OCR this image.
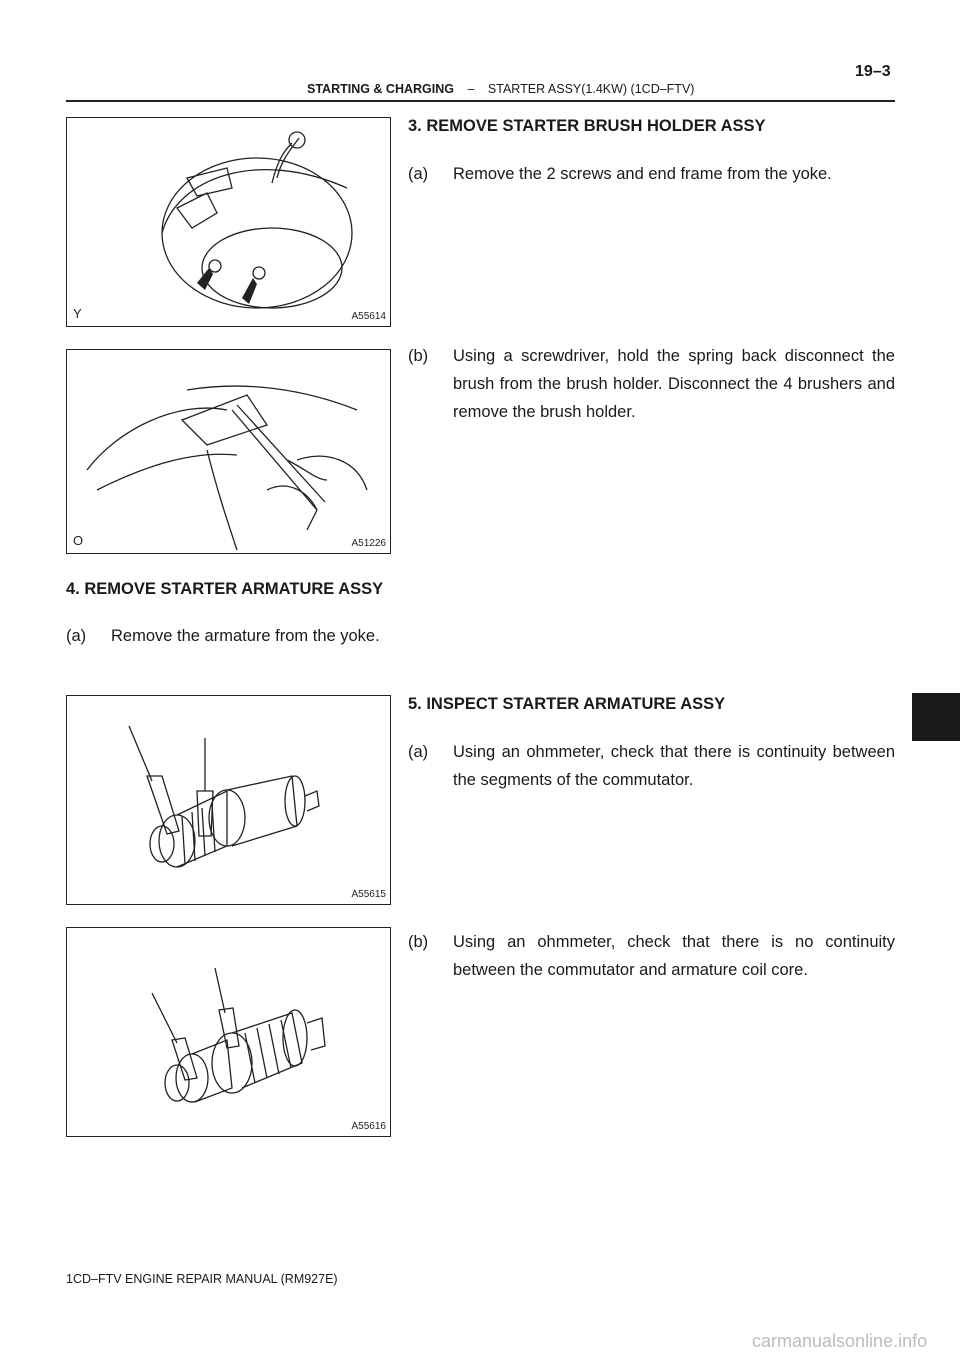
STARTING & CHARGING – STARTER ASSY(1.4KW) (1CD–FTV)
19–3
Y	A55614
3. REMOVE STARTER BRUSH HOLDER ASSY
(a) Remove the 2 screws and end frame from the yoke.
O	A51226
(b) Using a screwdriver, hold the spring back disconnect the brush from the brush holder. Disconnect the 4 brushers and remove the brush holder.
4. REMOVE STARTER ARMATURE ASSY
(a) Remove the armature from the yoke.
A55615
5. INSPECT STARTER ARMATURE ASSY
(a) Using an ohmmeter, check that there is continuity between the segments of the commutator.
A55616
(b) Using an ohmmeter, check that there is no continuity between the commutator and armature coil core.
1CD–FTV ENGINE REPAIR MANUAL (RM927E)
carmanualsonline.info
